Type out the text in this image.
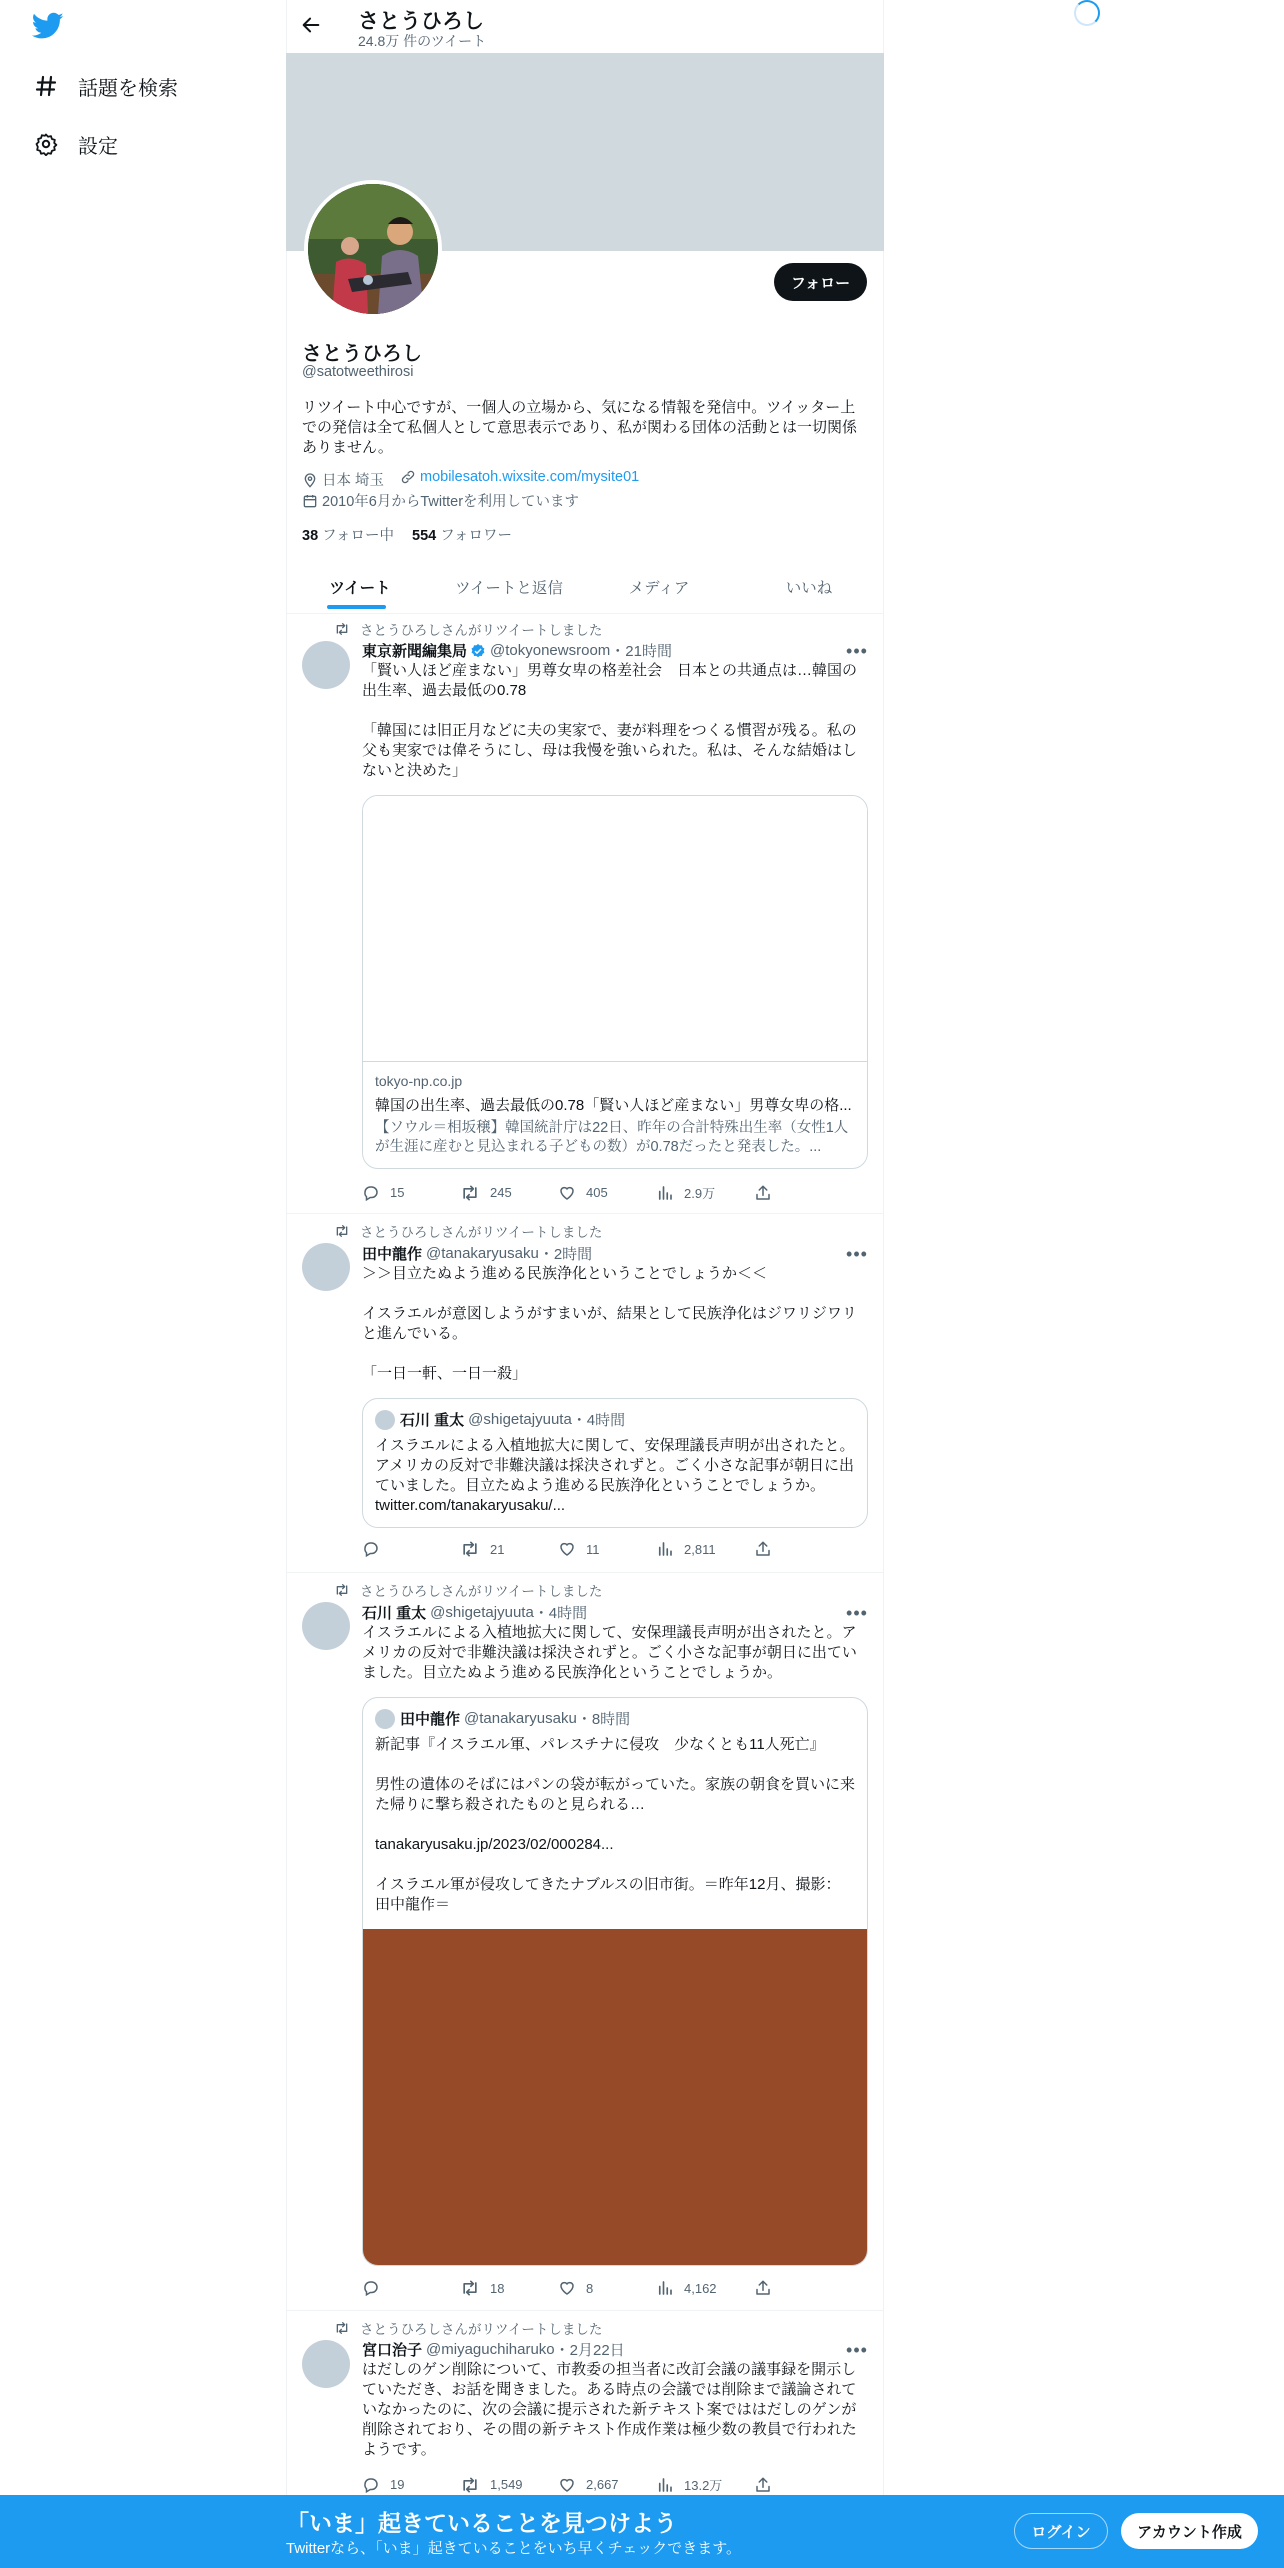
話題を検索
設定
さとうひろし
24.8万 件のツイート
フォロー
さとうひろし
@satotweethirosi
リツイート中心ですが、一個人の立場から、気になる情報を発信中。ツイッター上での発信は全て私個人として意思表示であり、私が関わる団体の活動とは一切関係ありません。
日本 埼玉 mobilesatoh.wixsite.com/mysite01
2010年6月からTwitterを利用しています
38 フォロー中 554 フォロワー
ツイート	ツイートと返信	メディア	いいね
さとうひろしさんがリツイートしました
東京新聞編集局 @tokyonewsroom ・21時間	•••
「賢い人ほど産まない」男尊女卑の格差社会　日本との共通点は…韓国の出生率、過去最低の0.78

「韓国には旧正月などに夫の実家で、妻が料理をつくる慣習が残る。私の父も実家では偉そうにし、母は我慢を強いられた。私は、そんな結婚はしないと決めた」
tokyo-np.co.jp
韓国の出生率、過去最低の0.78「賢い人ほど産まない」男尊女卑の格...
【ソウル＝相坂穣】韓国統計庁は22日、昨年の合計特殊出生率（女性1人が生涯に産むと見込まれる子どもの数）が0.78だったと発表した。...
15	245	405	2.9万
さとうひろしさんがリツイートしました
田中龍作 @tanakaryusaku ・2時間	•••
＞＞目立たぬよう進める民族浄化ということでしょうか＜＜

イスラエルが意図しようがすまいが、結果として民族浄化はジワリジワリと進んでいる。

「一日一軒、一日一殺」
石川 重太 @shigetajyuuta ・4時間
イスラエルによる入植地拡大に関して、安保理議長声明が出されたと。アメリカの反対で非難決議は採決されずと。ごく小さな記事が朝日に出ていました。目立たぬよう進める民族浄化ということでしょうか。
twitter.com/tanakaryusaku/...
21	11	2,811
さとうひろしさんがリツイートしました
石川 重太 @shigetajyuuta ・4時間	•••
イスラエルによる入植地拡大に関して、安保理議長声明が出されたと。アメリカの反対で非難決議は採決されずと。ごく小さな記事が朝日に出ていました。目立たぬよう進める民族浄化ということでしょうか。
田中龍作 @tanakaryusaku ・8時間
新記事『イスラエル軍、パレスチナに侵攻　少なくとも11人死亡』

男性の遺体のそばにはパンの袋が転がっていた。家族の朝食を買いに来た帰りに撃ち殺されたものと見られる…

tanakaryusaku.jp/2023/02/000284...

イスラエル軍が侵攻してきたナブルスの旧市街。＝昨年12月、撮影：田中龍作＝
18	8	4,162
さとうひろしさんがリツイートしました
宮口治子 @miyaguchiharuko ・2月22日	•••
はだしのゲン削除について、市教委の担当者に改訂会議の議事録を開示していただき、お話を聞きました。ある時点の会議では削除まで議論されていなかったのに、次の会議に提示された新テキスト案でははだしのゲンが削除されており、その間の新テキスト作成作業は極少数の教員で行われたようです。
19	1,549	2,667	13.2万
「いま」起きていることを見つけよう
Twitterなら、「いま」起きていることをいち早くチェックできます。
ログイン	アカウント作成
